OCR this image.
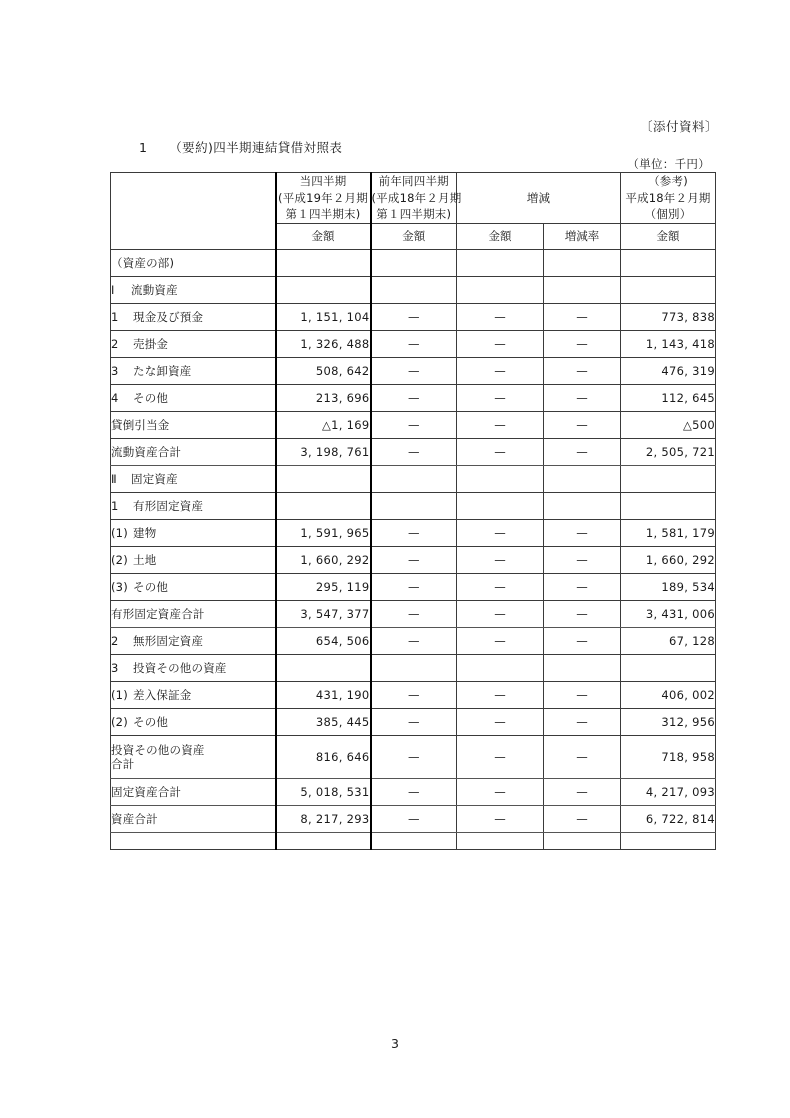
〔添付資料〕
1 （要約)四半期連結貸借対照表
（単位：千円）

	当四半期
(平成19年２月期
第１四半期末)	前年同四半期
(平成18年２月期
第１四半期末)	増減		（参考)
平成18年２月期
（個別）

	金額	金額	金額	増減率	金額
（資産の部)					
Ⅰ 流動資産					
1 現金及び預金	1, 151, 104	—	—	—	773, 838
2 売掛金	1, 326, 488	—	—	—	1, 143, 418
3 たな卸資産	508, 642	—	—	—	476, 319
4 その他	213, 696	—	—	—	112, 645
貸倒引当金	△1, 169	—	—	—	△500
流動資産合計	3, 198, 761	—	—	—	2, 505, 721
Ⅱ 固定資産					
1 有形固定資産					
(1) 建物	1, 591, 965	—	—	—	1, 581, 179
(2) 土地	1, 660, 292	—	—	—	1, 660, 292
(3) その他	295, 119	—	—	—	189, 534
有形固定資産合計	3, 547, 377	—	—	—	3, 431, 006
2 無形固定資産	654, 506	—	—	—	67, 128
3 投資その他の資産					
(1) 差入保証金	431, 190	—	—	—	406, 002
(2) その他	385, 445	—	—	—	312, 956
投資その他の資産
合計	816, 646	—	—	—	718, 958
固定資産合計	5, 018, 531	—	—	—	4, 217, 093
資産合計	8, 217, 293	—	—	—	6, 722, 814

3
